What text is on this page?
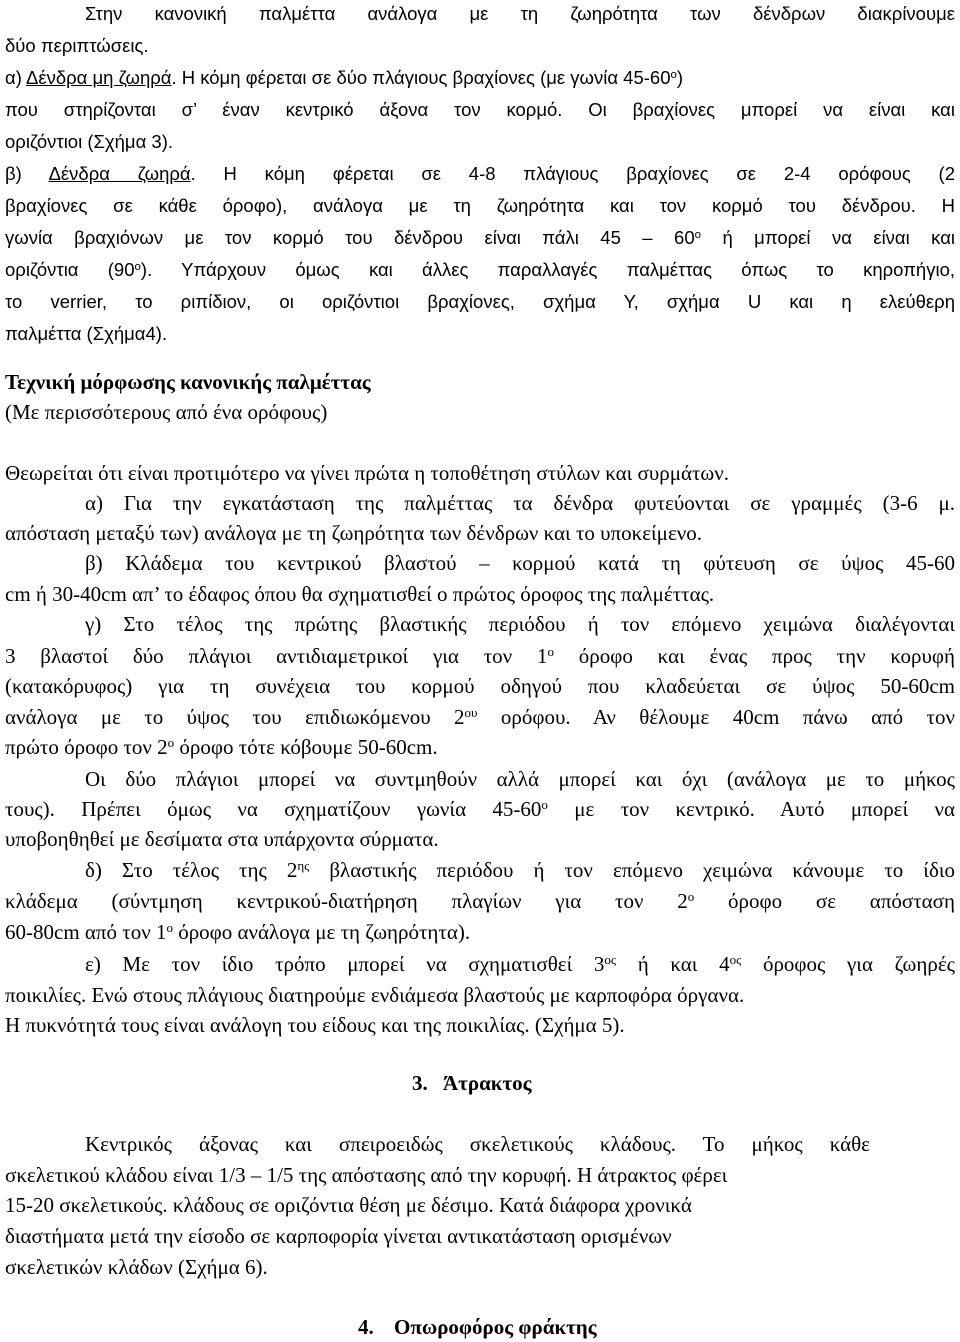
Στην κανονική παλμέττα ανάλογα με τη ζωηρότητα των δένδρων διακρίνουμε
δύο περιπτώσεις.
α) Δένδρα μη ζωηρά. Η κόμη φέρεται σε δύο πλάγιους βραχίονες (με γωνία $45-60^o$)
που στηρίζονται σ’ έναν κεντρικό άξονα τον κορμό. Οι βραχίονες μπορεί να είναι και
οριζόντιοι (Σχήμα 3).
β) Δένδρα ζωηρά. Η κόμη φέρεται σε 4-8 πλάγιους βραχίονες σε 2-4 ορόφους (2
βραχίονες σε κάθε όροφο), ανάλογα με τη ζωηρότητα και τον κορμό του δένδρου. Η
γωνία βραχιόνων με τον κορμό του δένδρου είναι πάλι $45 - 60^o$ ή μπορεί να είναι και
οριζόντια $(90^o)$. Υπάρχουν όμως και άλλες παραλλαγές παλμέττας όπως το κηροπήγιο,
το verrier, το ριπίδιον, οι οριζόντιοι βραχίονες, σχήμα Υ, σχήμα U και η ελεύθερη
παλμέττα (Σχήμα4).
Τεχνική μόρφωσης κανονικής παλμέττας
(Με περισσότερους από ένα ορόφους)
Θεωρείται ότι είναι προτιμότερο να γίνει πρώτα η τοποθέτηση στύλων και συρμάτων.
α) Για την εγκατάσταση της παλμέττας τα δένδρα φυτεύονται σε γραμμές (3-6 μ.
απόσταση μεταξύ των) ανάλογα με τη ζωηρότητα των δένδρων και το υποκείμενο.
β) Κλάδεμα του κεντρικού βλαστού – κορμού κατά τη φύτευση σε ύψος 45-60
cm ή 30-40cm απ’ το έδαφος όπου θα σχηματισθεί ο πρώτος όροφος της παλμέττας.
γ) Στο τέλος της πρώτης βλαστικής περιόδου ή τον επόμενο χειμώνα διαλέγονται
3 βλαστοί δύο πλάγιοι αντιδιαμετρικοί για τον $1^o$ όροφο και ένας προς την κορυφή
(κατακόρυφος) για τη συνέχεια του κορμού οδηγού που κλαδεύεται σε ύψος 50-60cm
ανάλογα με το ύψος του επιδιωκόμενου $2^{o\upsilon}$ ορόφου. Αν θέλουμε 40cm πάνω από τον
πρώτο όροφο τον $2^o$ όροφο τότε κόβουμε 50-60cm.
Οι δύο πλάγιοι μπορεί να συντμηθούν αλλά μπορεί και όχι (ανάλογα με το μήκος
τους). Πρέπει όμως να σχηματίζουν γωνία $45-60^o$ με τον κεντρικό. Αυτό μπορεί να
υποβοηθηθεί με δεσίματα στα υπάρχοντα σύρματα.
δ) Στο τέλος της $2^{\eta\varsigma}$ βλαστικής περιόδου ή τον επόμενο χειμώνα κάνουμε το ίδιο
κλάδεμα (σύντμηση κεντρικού-διατήρηση πλαγίων για τον $2^o$ όροφο σε απόσταση
60-80cm από τον $1^o$ όροφο ανάλογα με τη ζωηρότητα).
ε) Με τον ίδιο τρόπο μπορεί να σχηματισθεί $3^{o\varsigma}$ ή και $4^{o\varsigma}$ όροφος για ζωηρές
ποικιλίες. Ενώ στους πλάγιους διατηρούμε ενδιάμεσα βλαστούς με καρποφόρα όργανα.
Η πυκνότητά τους είναι ανάλογη του είδους και της ποικιλίας. (Σχήμα 5).
3. Άτρακτος
Κεντρικός άξονας και σπειροειδώς σκελετικούς κλάδους. Το μήκος κάθε
σκελετικού κλάδου είναι 1/3 – 1/5 της απόστασης από την κορυφή. Η άτρακτος φέρει
15-20 σκελετικούς. κλάδους σε οριζόντια θέση με δέσιμο. Κατά διάφορα χρονικά
διαστήματα μετά την είσοδο σε καρποφορία γίνεται αντικατάσταση ορισμένων
σκελετικών κλάδων (Σχήμα 6).
4. Οπωροφόρος φράκτης
